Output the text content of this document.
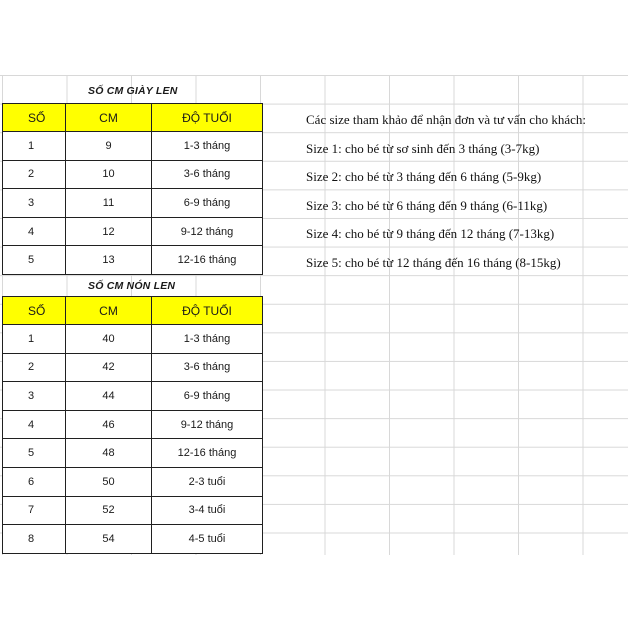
SỐ CM GIÀY LEN
SỐ	CM	ĐỘ TUỔI
1	9	1-3 tháng
2	10	3-6 tháng
3	11	6-9 tháng
4	12	9-12 tháng
5	13	12-16 tháng
SỐ CM NÓN LEN
SỐ	CM	ĐỘ TUỔI
1	40	1-3 tháng
2	42	3-6 tháng
3	44	6-9 tháng
4	46	9-12 tháng
5	48	12-16 tháng
6	50	2-3 tuổi
7	52	3-4 tuổi
8	54	4-5 tuổi
Các size tham khảo để nhận đơn và tư vấn cho khách:
Size 1: cho bé từ sơ sinh đến 3 tháng (3-7kg)
Size 2: cho bé từ 3 tháng đến 6 tháng (5-9kg)
Size 3: cho bé từ 6 tháng đến 9 tháng (6-11kg)
Size 4: cho bé từ 9 tháng đến 12 tháng (7-13kg)
Size 5: cho bé từ 12 tháng đến 16 tháng (8-15kg)
